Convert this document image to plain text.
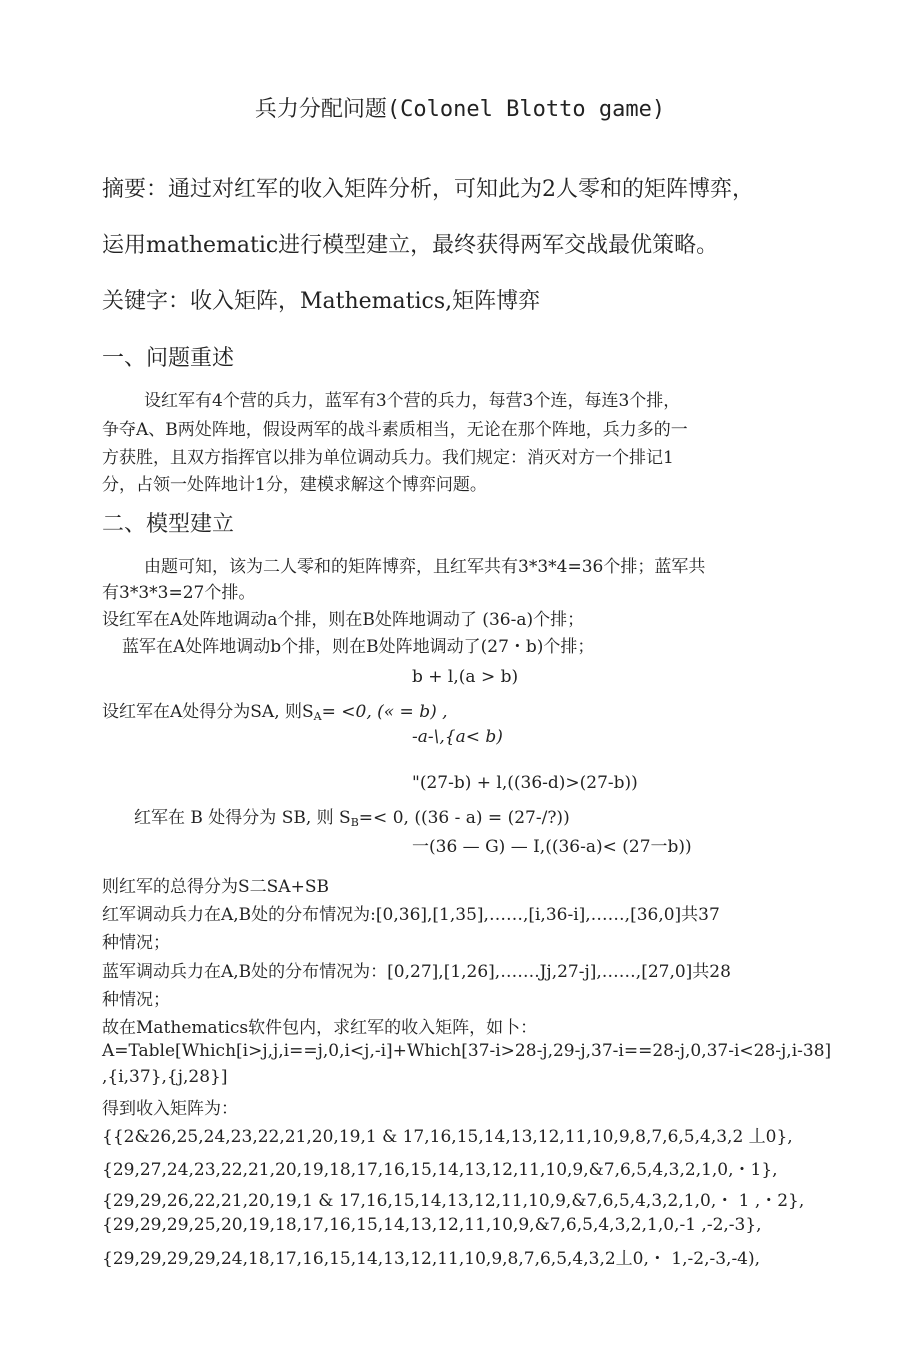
兵力分配问题(Colonel Blotto game)
摘要：通过对红军的收入矩阵分析，可知此为2人零和的矩阵博弈，
运用mathematic进行模型建立，最终获得两军交战最优策略。
关键字：收入矩阵，Mathematics,矩阵博弈
一、问题重述
设红军有4个营的兵力，蓝军有3个营的兵力，每营3个连，每连3个排，
争夺A、B两处阵地，假设两军的战斗素质相当，无论在那个阵地，兵力多的一
方获胜，且双方指挥官以排为单位调动兵力。我们规定：消灭对方一个排记1
分，占领一处阵地计1分，建模求解这个博弈问题。
二、模型建立
由题可知，该为二人零和的矩阵博弈，且红军共有3*3*4=36个排；蓝军共
有3*3*3=27个排。
设红军在A处阵地调动a个排，则在B处阵地调动了 (36-a)个排；
蓝军在A处阵地调动b个排，则在B处阵地调动了(27・b)个排；
b + l,(a > b)
设红军在A处得分为SA, 则$S_A= <0$, (« = b) ,
-a-\,{a< b)
"(27-b) + l,((36-d)>(27-b))
红军在 B 处得分为 SB, 则 $S_B=< 0$, ((36 - a) = (27-/?))
一(36 — G) — I,((36-a)< (27一b))
则红军的总得分为S二SA+SB
红军调动兵力在A,B处的分布情况为:[0,36],[1,35],……,[i,36-i],……,[36,0]共37
种情况；
蓝军调动兵力在A,B处的分布情况为：[0,27],[1,26],…….Jj,27-j],……,[27,0]共28
种情况；
故在Mathematics软件包内，求红军的收入矩阵，如卜：
A=Table[Which[i>j,j,i==j,0,i<j,-i]+Which[37-i>28-j,29-j,37-i==28-j,0,37-i<28-j,i-38]
,{i,37},{j,28}]
得到收入矩阵为：
{{2&26,25,24,23,22,21,20,19,1 & 17,16,15,14,13,12,11,10,9,8,7,6,5,4,3,2 丄0},
{29,27,24,23,22,21,20,19,18,17,16,15,14,13,12,11,10,9,&7,6,5,4,3,2,1,0,・1},
{29,29,26,22,21,20,19,1 & 17,16,15,14,13,12,11,10,9,&7,6,5,4,3,2,1,0,・ 1 ,・2},
{29,29,29,25,20,19,18,17,16,15,14,13,12,11,10,9,&7,6,5,4,3,2,1,0,-1 ,-2,-3},
{29,29,29,29,24,18,17,16,15,14,13,12,11,10,9,8,7,6,5,4,3,2丄0,・ 1,-2,-3,-4),
